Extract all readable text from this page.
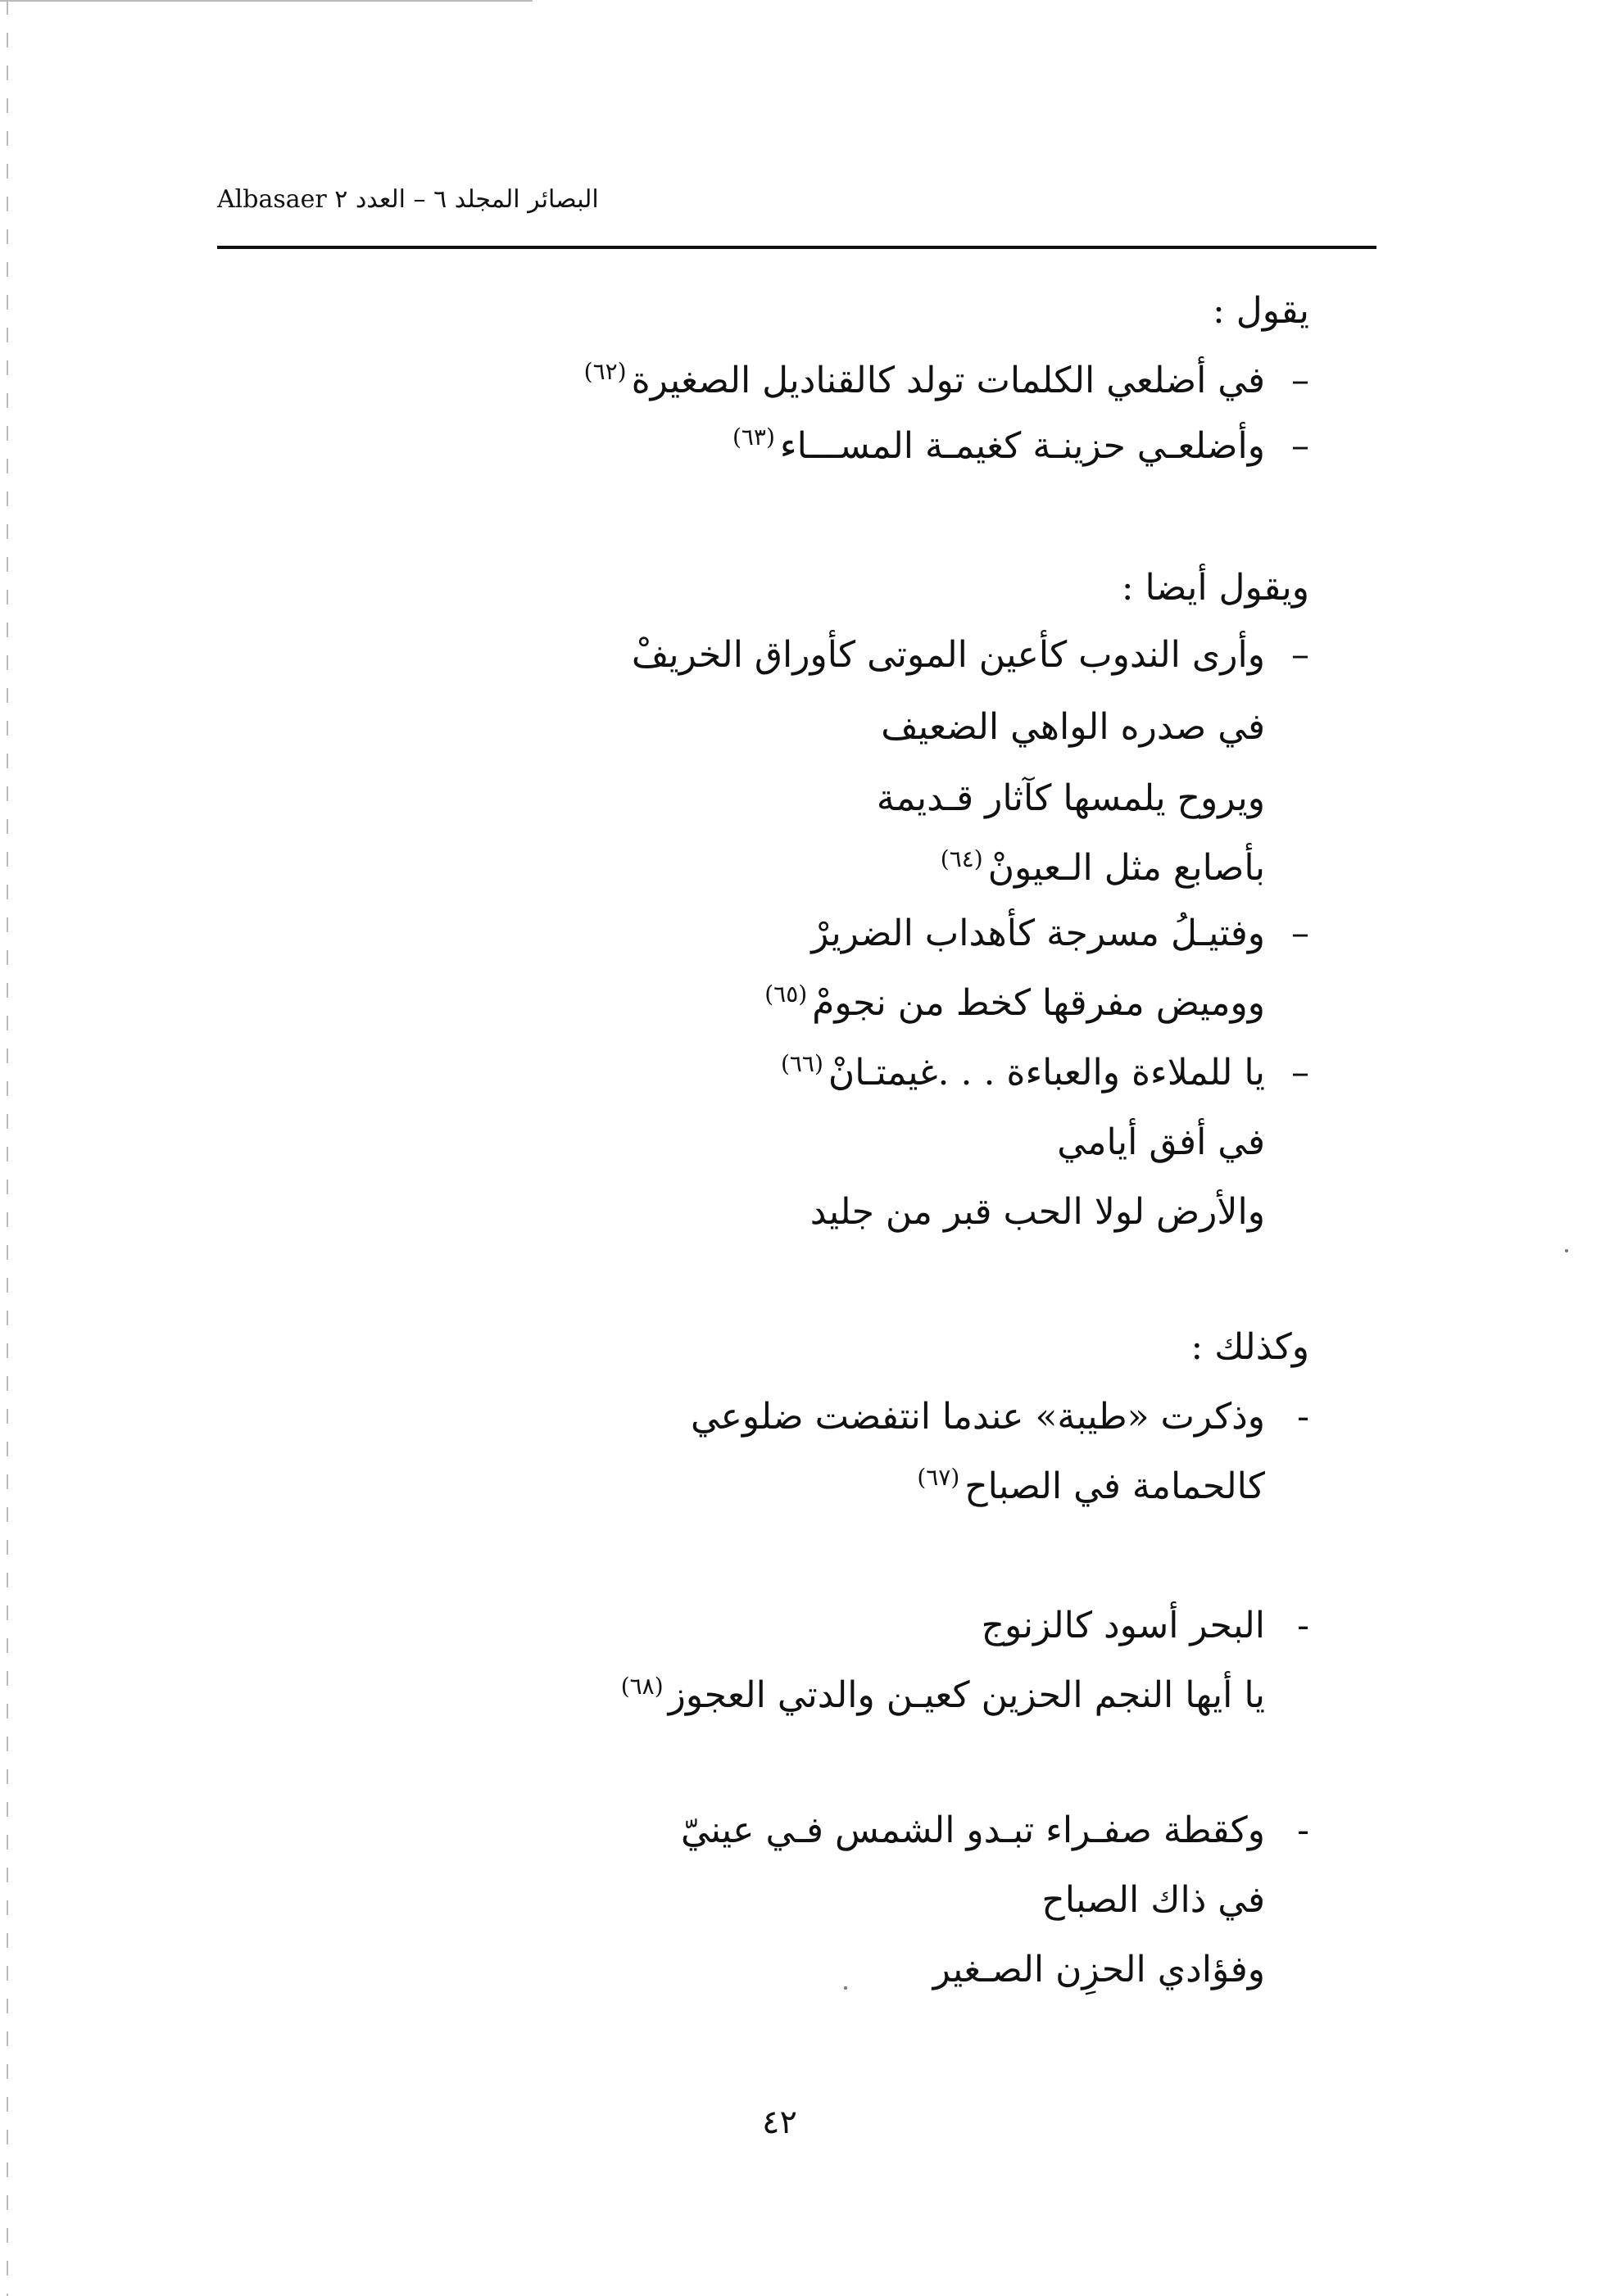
البصائر المجلد ٦ – العدد ٢ Albasaer
يقول :
–في أضلعي الكلمات تولد كالقناديل الصغيرة$^{(٦٢)}$
–وأضلعـي حزينـة كغيمـة المســـاء$^{(٦٣)}$
ويقول أيضا :
–وأرى الندوب كأعين الموتى كأوراق الخريفْ
في صدره الواهي الضعيف
ويروح يلمسها كآثار قـديمة
بأصابع مثل الـعيونْ$^{(٦٤)}$
–وفتيـلُ مسرجة كأهداب الضريرْ
ووميض مفرقها كخط من نجومْ$^{(٦٥)}$
–يا للملاءة والعباءة . . .غيمتـانْ$^{(٦٦)}$
في أفق أيامي
والأرض لولا الحب قبر من جليد
وكذلك :
-وذكرت «طيبة» عندما انتفضت ضلوعي
كالحمامة في الصباح$^{(٦٧)}$
-البحر أسود كالزنوج
يا أيها النجم الحزين كعيـن والدتي العجوز$^{(٦٨)}$
-وكقطة صفـراء تبـدو الشمس فـي عينيّ
في ذاك الصباح
وفؤادي الحزِن الصـغير
٤٢
